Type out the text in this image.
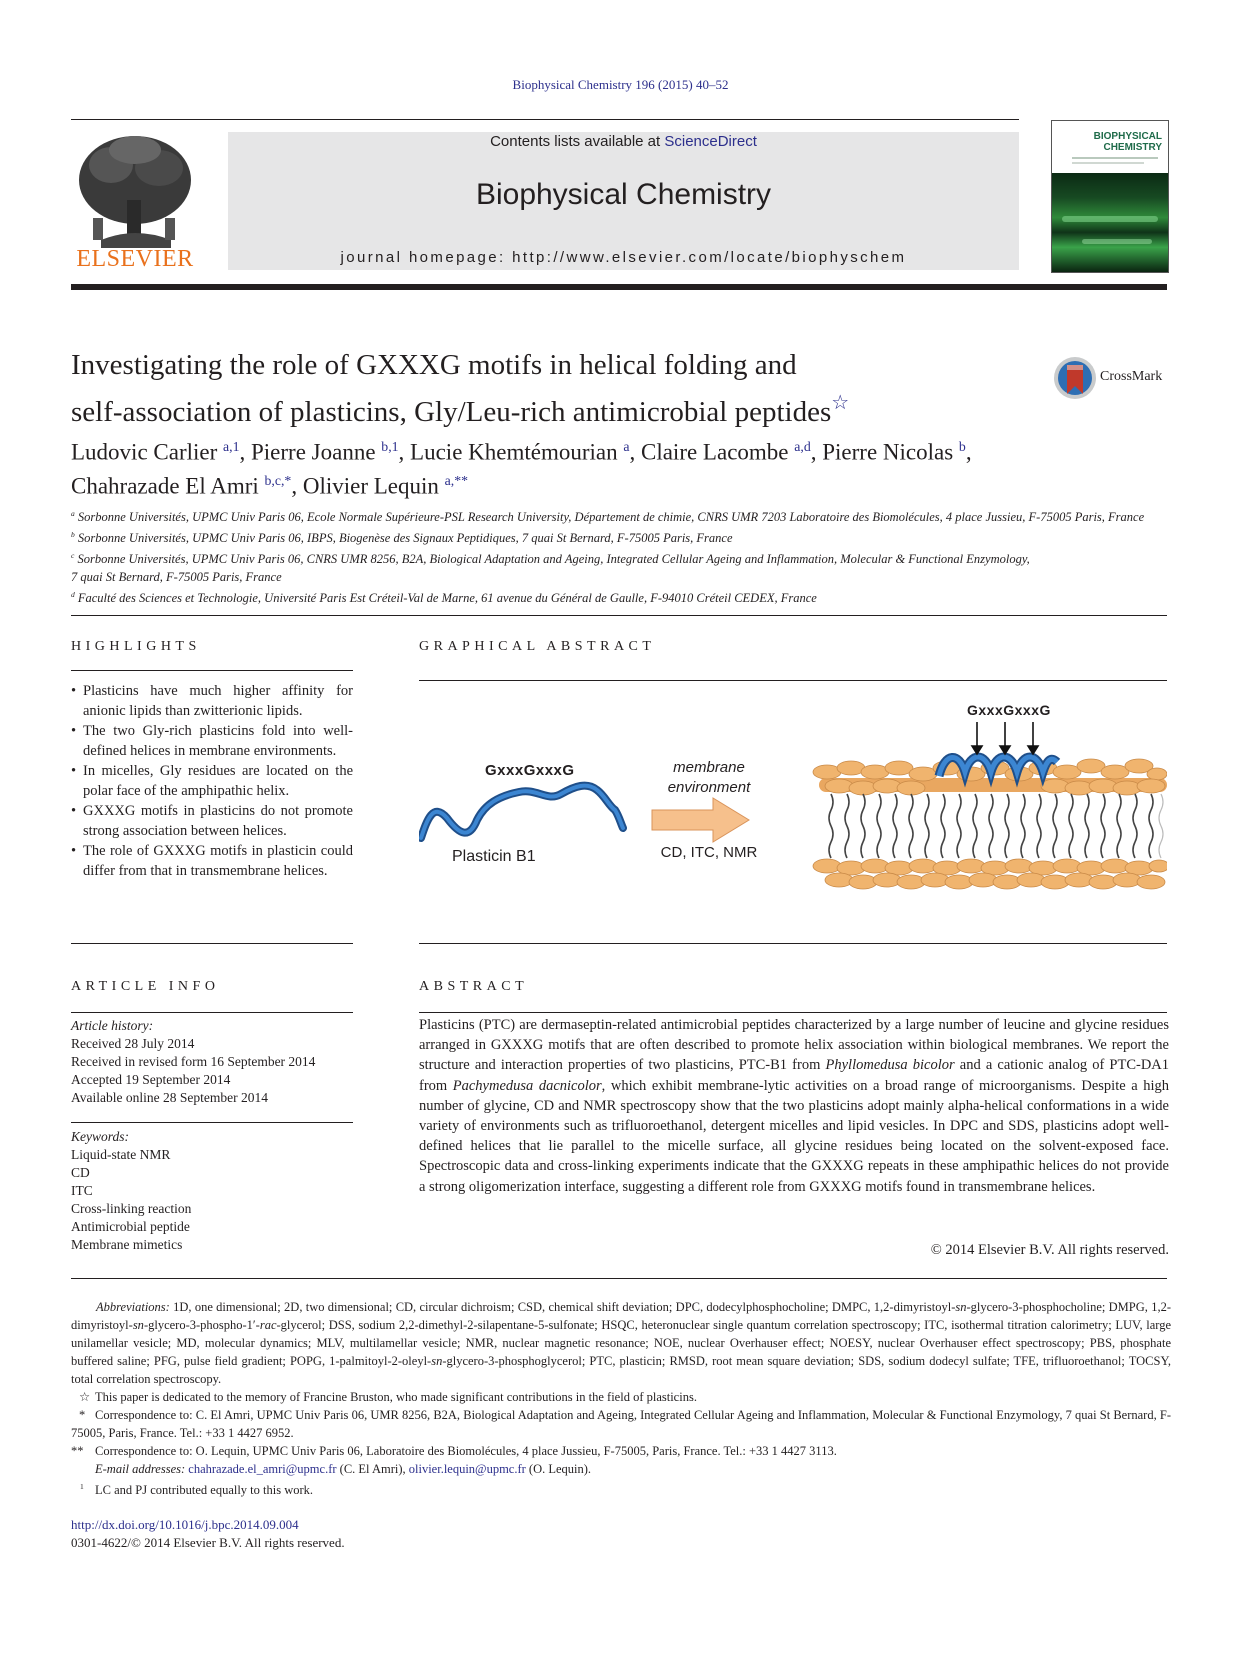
Biophysical Chemistry 196 (2015) 40–52
ELSEVIER
Contents lists available at ScienceDirect
Biophysical Chemistry
journal homepage: http://www.elsevier.com/locate/biophyschem
BIOPHYSICAL
CHEMISTRY
Investigating the role of GXXXG motifs in helical folding and
self-association of plasticins, Gly/Leu-rich antimicrobial peptides☆
CrossMark
Ludovic Carlier $^{a,1}$, Pierre Joanne $^{b,1}$, Lucie Khemtémourian $^a$, Claire Lacombe $^{a,d}$, Pierre Nicolas $^b$,
Chahrazade El Amri $^{b,c,*}$, Olivier Lequin $^{a,**}$
$^a$ Sorbonne Universités, UPMC Univ Paris 06, Ecole Normale Supérieure-PSL Research University, Département de chimie, CNRS UMR 7203 Laboratoire des Biomolécules, 4 place Jussieu, F-75005 Paris, France
$^b$ Sorbonne Universités, UPMC Univ Paris 06, IBPS, Biogenèse des Signaux Peptidiques, 7 quai St Bernard, F-75005 Paris, France
$^c$ Sorbonne Universités, UPMC Univ Paris 06, CNRS UMR 8256, B2A, Biological Adaptation and Ageing, Integrated Cellular Ageing and Inflammation, Molecular & Functional Enzymology,
7 quai St Bernard, F-75005 Paris, France
$^d$ Faculté des Sciences et Technologie, Université Paris Est Créteil-Val de Marne, 61 avenue du Général de Gaulle, F-94010 Créteil CEDEX, France
HIGHLIGHTS
• Plasticins have much higher affinity for anionic lipids than zwitterionic lipids.
• The two Gly-rich plasticins fold into well-defined helices in membrane environments.
• In micelles, Gly residues are located on the polar face of the amphipathic helix.
• GXXXG motifs in plasticins do not promote strong association between helices.
• The role of GXXXG motifs in plasticin could differ from that in transmembrane helices.
GRAPHICAL ABSTRACT
GxxxGxxxG
Plasticin B1
membrane
environment
CD, ITC, NMR
GxxxGxxxG
ARTICLE INFO
Article history:
Received 28 July 2014
Received in revised form 16 September 2014
Accepted 19 September 2014
Available online 28 September 2014
Keywords:
Liquid-state NMR
CD
ITC
Cross-linking reaction
Antimicrobial peptide
Membrane mimetics
ABSTRACT
Plasticins (PTC) are dermaseptin-related antimicrobial peptides characterized by a large number of leucine and glycine residues arranged in GXXXG motifs that are often described to promote helix association within biological membranes. We report the structure and interaction properties of two plasticins, PTC-B1 from Phyllomedusa bicolor and a cationic analog of PTC-DA1 from Pachymedusa dacnicolor, which exhibit membrane-lytic activities on a broad range of microorganisms. Despite a high number of glycine, CD and NMR spectroscopy show that the two plasticins adopt mainly alpha-helical conformations in a wide variety of environments such as trifluoroethanol, detergent micelles and lipid vesicles. In DPC and SDS, plasticins adopt well-defined helices that lie parallel to the micelle surface, all glycine residues being located on the solvent-exposed face. Spectroscopic data and cross-linking experiments indicate that the GXXXG repeats in these amphipathic helices do not provide a strong oligomerization interface, suggesting a different role from GXXXG motifs found in transmembrane helices.
© 2014 Elsevier B.V. All rights reserved.
Abbreviations: 1D, one dimensional; 2D, two dimensional; CD, circular dichroism; CSD, chemical shift deviation; DPC, dodecylphosphocholine; DMPC, 1,2-dimyristoyl-sn-glycero-3-phosphocholine; DMPG, 1,2-dimyristoyl-sn-glycero-3-phospho-1′-rac-glycerol; DSS, sodium 2,2-dimethyl-2-silapentane-5-sulfonate; HSQC, heteronuclear single quantum correlation spectroscopy; ITC, isothermal titration calorimetry; LUV, large unilamellar vesicle; MD, molecular dynamics; MLV, multilamellar vesicle; NMR, nuclear magnetic resonance; NOE, nuclear Overhauser effect; NOESY, nuclear Overhauser effect spectroscopy; PBS, phosphate buffered saline; PFG, pulse field gradient; POPG, 1-palmitoyl-2-oleyl-sn-glycero-3-phosphoglycerol; PTC, plasticin; RMSD, root mean square deviation; SDS, sodium dodecyl sulfate; TFE, trifluoroethanol; TOCSY, total correlation spectroscopy.
☆ This paper is dedicated to the memory of Francine Bruston, who made significant contributions in the field of plasticins.
* Correspondence to: C. El Amri, UPMC Univ Paris 06, UMR 8256, B2A, Biological Adaptation and Ageing, Integrated Cellular Ageing and Inflammation, Molecular & Functional Enzymology, 7 quai St Bernard, F-75005, Paris, France. Tel.: +33 1 4427 6952.
** Correspondence to: O. Lequin, UPMC Univ Paris 06, Laboratoire des Biomolécules, 4 place Jussieu, F-75005, Paris, France. Tel.: +33 1 4427 3113.
E-mail addresses: chahrazade.el_amri@upmc.fr (C. El Amri), olivier.lequin@upmc.fr (O. Lequin).
$^1$ LC and PJ contributed equally to this work.
http://dx.doi.org/10.1016/j.bpc.2014.09.004
0301-4622/© 2014 Elsevier B.V. All rights reserved.
